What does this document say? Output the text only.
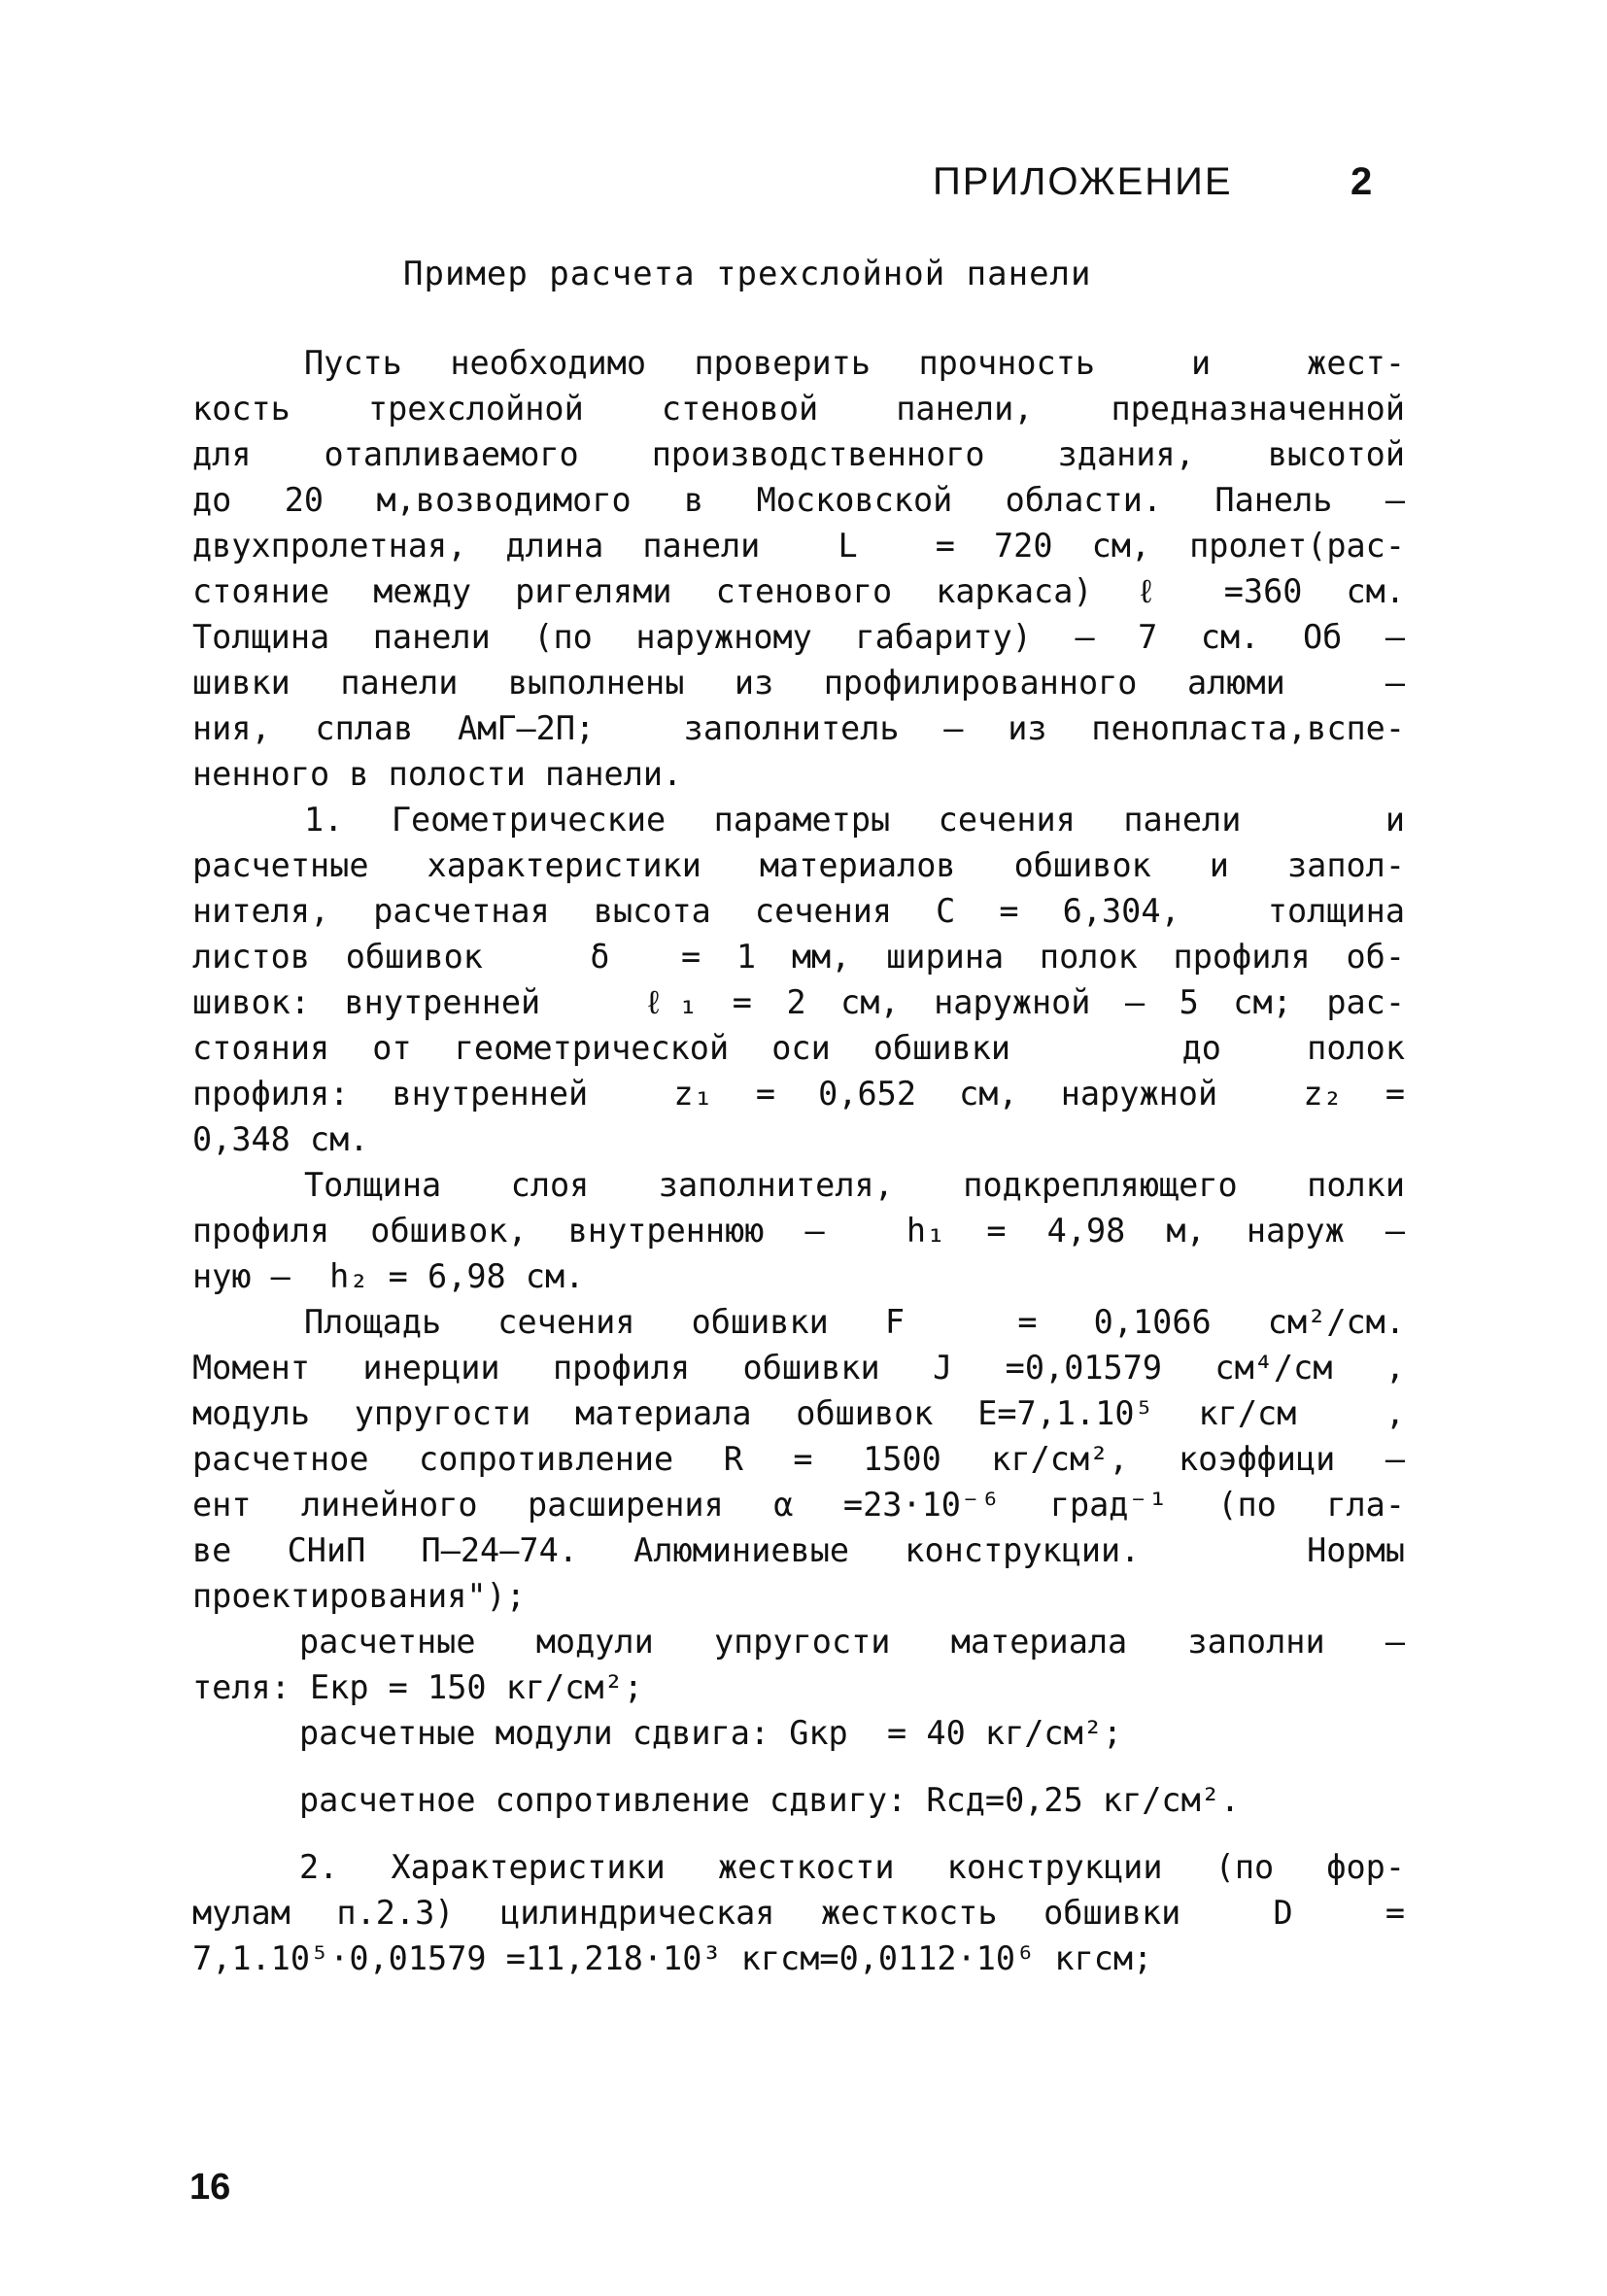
ПРИЛОЖЕНИЕ	2
Пример расчета трехслойной панели
Пусть необходимо проверить прочность  и  жест-
кость трехслойной стеновой панели, предназначенной
для отапливаемого производственного здания, высотой
до 20 м,возводимого в Московской области. Панель –
двухпролетная, длина панели  L  = 720 см, пролет(рас-
стояние между ригелями стенового каркаса) ℓ =360 см.
Толщина панели (по наружному габариту) – 7 см. Об –
шивки панели выполнены из профилированного алюми  –
ния, сплав АмГ–2П;  заполнитель – из пенопласта,вспе-
ненного в полости панели.
1. Геометрические параметры сечения панели   и
расчетные характеристики материалов обшивок и запол-
нителя, расчетная высота сечения C = 6,304,  толщина
листов обшивок   δ  = 1 мм, ширина полок профиля об-
шивок: внутренней   ℓ₁ = 2 см, наружной – 5 см; рас-
стояния от геометрической оси обшивки    до  полок
профиля: внутренней  z₁ = 0,652 см, наружной  z₂ =
0,348 см.
Толщина слоя заполнителя, подкрепляющего полки
профиля обшивок, внутреннюю –  h₁ = 4,98 м, наруж –
ную –  h₂ = 6,98 см.
Площадь сечения обшивки F  = 0,1066 см²/см.
Момент инерции профиля обшивки J =0,01579 см⁴/см ,
модуль упругости материала обшивок E=7,1.10⁵ кг/см  ,
расчетное сопротивление R = 1500 кг/см², коэффици –
ент линейного расширения α =23·10⁻⁶ град⁻¹ (по гла-
ве СНиП П–24–74. Алюминиевые конструкции.   Нормы
проектирования");
расчетные модули упругости материала заполни –
теля: Eкр = 150 кг/см²;
расчетные модули сдвига: Gкр  = 40 кг/см²;
расчетное сопротивление сдвигу: Rсд=0,25 кг/см².
2. Характеристики жесткости конструкции (по фор-
мулам п.2.3) цилиндрическая жесткость обшивки  D  =
7,1.10⁵·0,01579 =11,218·10³ кгсм=0,0112·10⁶ кгсм;
16
